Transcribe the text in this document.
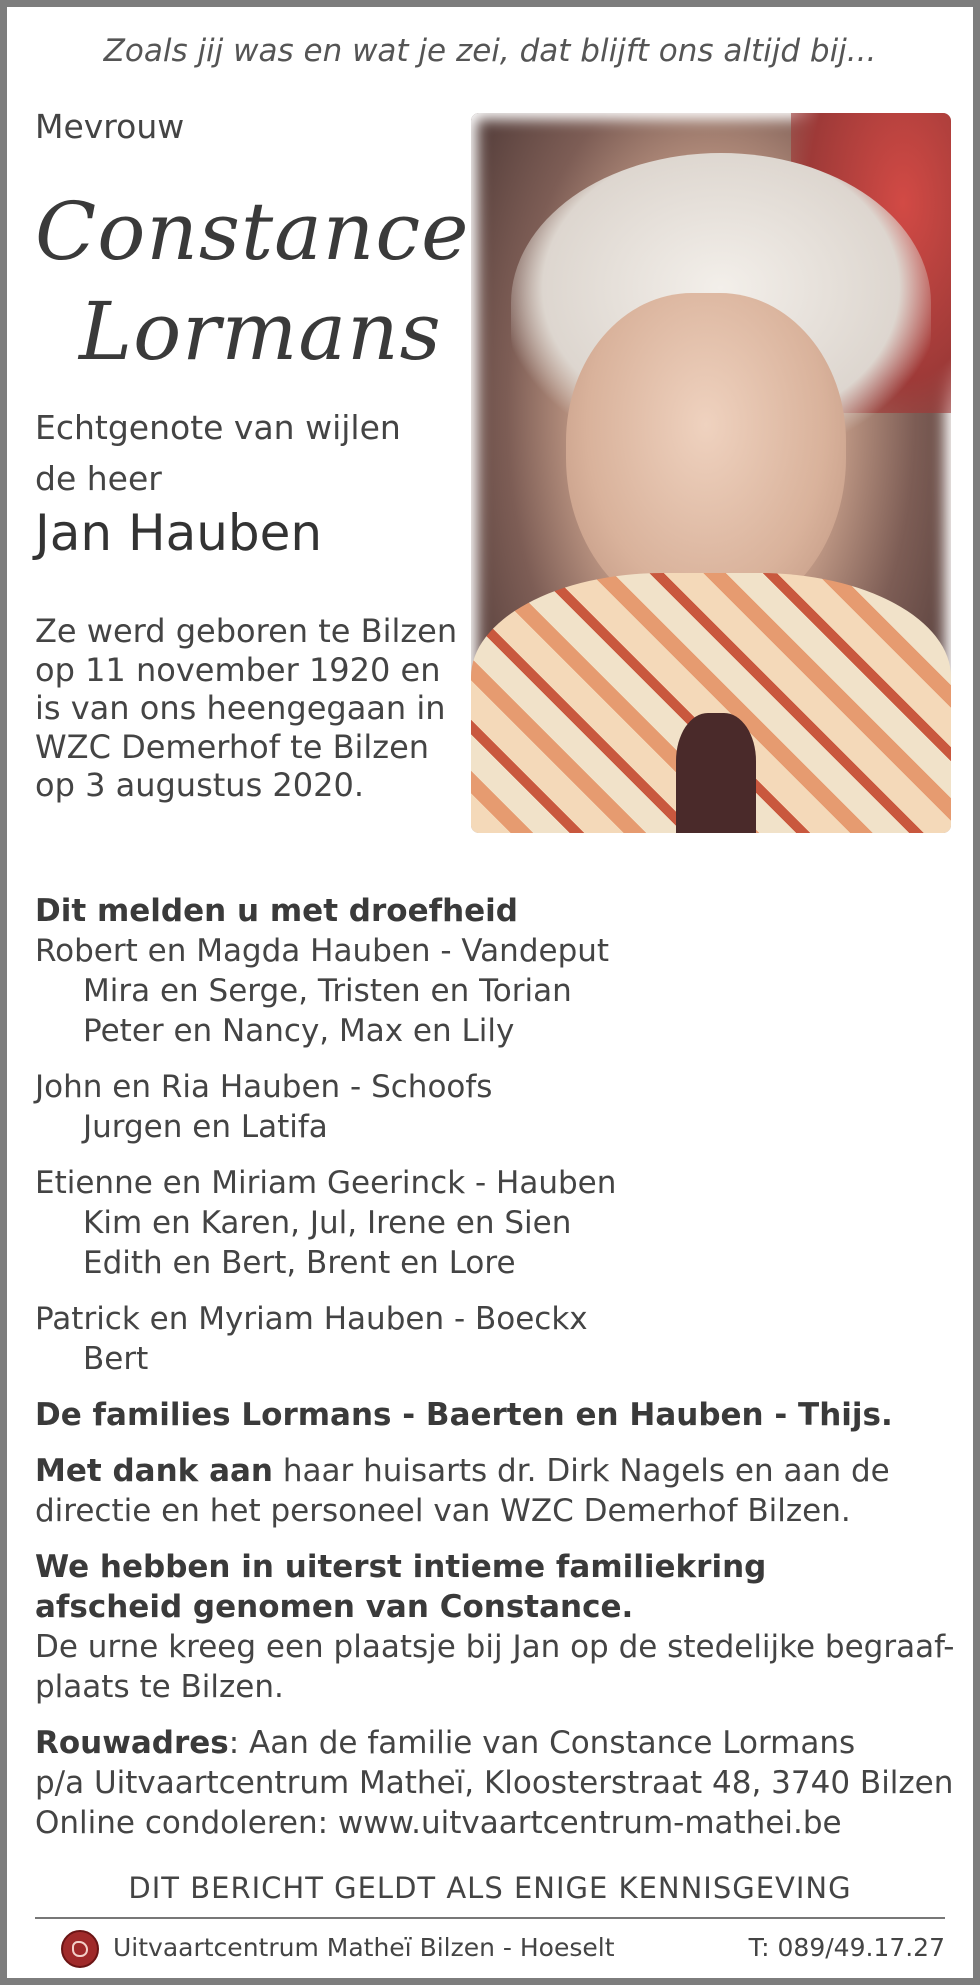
Zoals jij was en wat je zei, dat blijft ons altijd bij...
Mevrouw
Constance
Lormans
Echtgenote van wijlen
de heer
Jan Hauben
Ze werd geboren te Bilzen
op 11 november 1920 en
is van ons heengegaan in
WZC Demerhof te Bilzen
op 3 augustus 2020.
Dit melden u met droefheid
Robert en Magda Hauben - Vandeput
Mira en Serge, Tristen en Torian
Peter en Nancy, Max en Lily
John en Ria Hauben - Schoofs
Jurgen en Latifa
Etienne en Miriam Geerinck - Hauben
Kim en Karen, Jul, Irene en Sien
Edith en Bert, Brent en Lore
Patrick en Myriam Hauben - Boeckx
Bert
De families Lormans - Baerten en Hauben - Thijs.
Met dank aan haar huisarts dr. Dirk Nagels en aan de
directie en het personeel van WZC Demerhof Bilzen.
We hebben in uiterst intieme familiekring
afscheid genomen van Constance.
De urne kreeg een plaatsje bij Jan op de stedelijke begraaf-
plaats te Bilzen.
Rouwadres: Aan de familie van Constance Lormans
p/a Uitvaartcentrum Matheï, Kloosterstraat 48, 3740 Bilzen
Online condoleren: www.uitvaartcentrum-mathei.be
DIT BERICHT GELDT ALS ENIGE KENNISGEVING
Uitvaartcentrum Matheï Bilzen - Hoeselt	T: 089/49.17.27
